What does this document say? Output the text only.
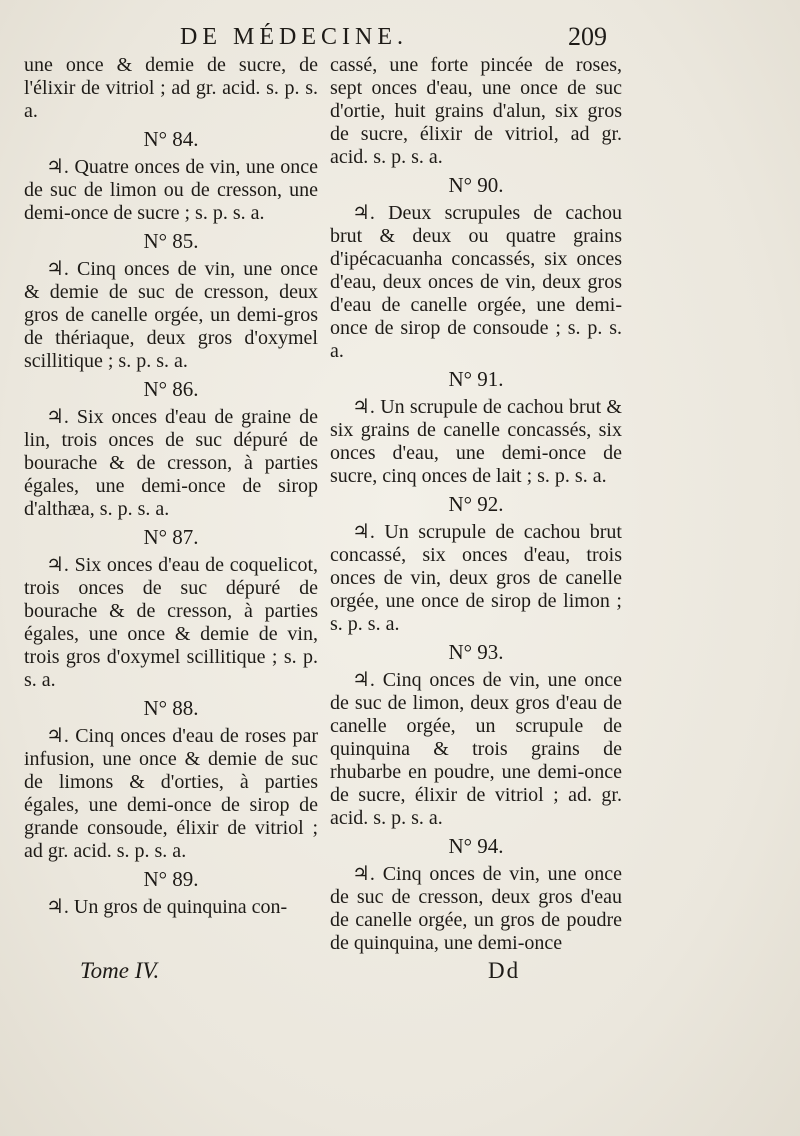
DE MÉDECINE.	209

une once & demie de sucre, de l'élixir de vitriol ; ad gr. acid. s. p. s. a.

N° 84.

♃. Quatre onces de vin, une once de suc de limon ou de cresson, une demi-once de sucre ; s. p. s. a.

N° 85.

♃. Cinq onces de vin, une once & demie de suc de cresson, deux gros de canelle orgée, un demi-gros de thériaque, deux gros d'oxymel scillitique ; s. p. s. a.

N° 86.

♃. Six onces d'eau de graine de lin, trois onces de suc dépuré de bourache & de cresson, à parties égales, une demi-once de sirop d'althæa, s. p. s. a.

N° 87.

♃. Six onces d'eau de coquelicot, trois onces de suc dépuré de bourache & de cresson, à parties égales, une once & demie de vin, trois gros d'oxymel scillitique ; s. p. s. a.

N° 88.

♃. Cinq onces d'eau de roses par infusion, une once & demie de suc de limons & d'orties, à parties égales, une demi-once de sirop de grande consoude, élixir de vitriol ; ad gr. acid. s. p. s. a.

N° 89.

♃. Un gros de quinquina con-

cassé, une forte pincée de roses, sept onces d'eau, une once de suc d'ortie, huit grains d'alun, six gros de sucre, élixir de vitriol, ad gr. acid. s. p. s. a.

N° 90.

♃. Deux scrupules de cachou brut & deux ou quatre grains d'ipécacuanha concassés, six onces d'eau, deux onces de vin, deux gros d'eau de canelle orgée, une demi-once de sirop de consoude ; s. p. s. a.

N° 91.

♃. Un scrupule de cachou brut & six grains de canelle concassés, six onces d'eau, une demi-once de sucre, cinq onces de lait ; s. p. s. a.

N° 92.

♃. Un scrupule de cachou brut concassé, six onces d'eau, trois onces de vin, deux gros de canelle orgée, une once de sirop de limon ; s. p. s. a.

N° 93.

♃. Cinq onces de vin, une once de suc de limon, deux gros d'eau de canelle orgée, un scrupule de quinquina & trois grains de rhubarbe en poudre, une demi-once de sucre, élixir de vitriol ; ad. gr. acid. s. p. s. a.

N° 94.

♃. Cinq onces de vin, une once de suc de cresson, deux gros d'eau de canelle orgée, un gros de poudre de quinquina, une demi-once

Tome IV.	Dd
